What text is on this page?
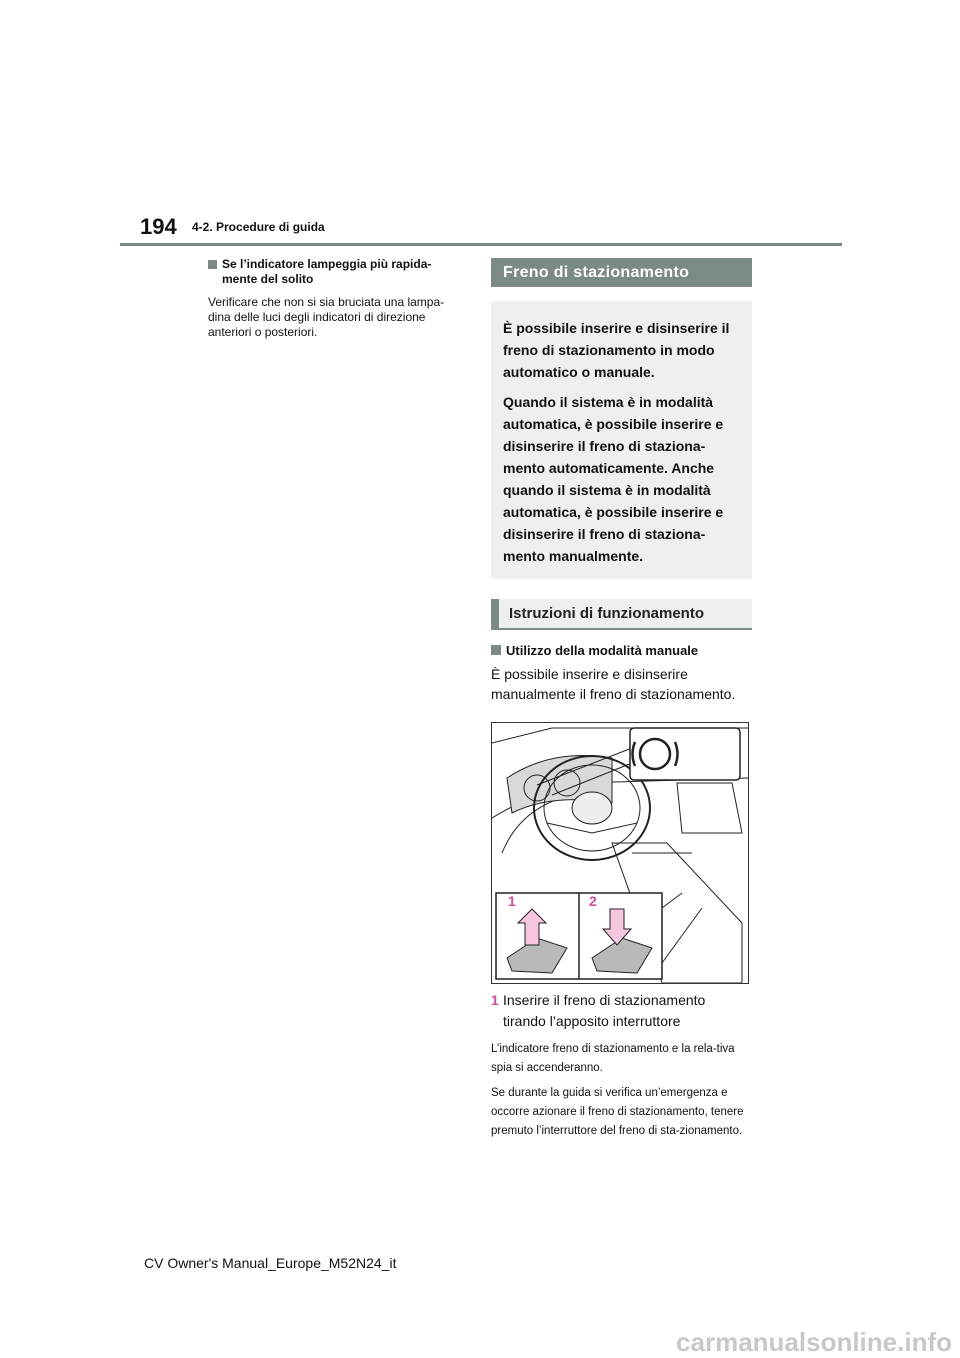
194 4-2. Procedure di guida
Se l’indicatore lampeggia più rapida-mente del solito
Verificare che non si sia bruciata una lampa-dina delle luci degli indicatori di direzione anteriori o posteriori.
Freno di stazionamento

È possibile inserire e disinserire il freno di stazionamento in modo automatico o manuale.

Quando il sistema è in modalità automatica, è possibile inserire e disinserire il freno di staziona-mento automaticamente. Anche quando il sistema è in modalità automatica, è possibile inserire e disinserire il freno di staziona-mento manualmente.

Istruzioni di funzionamento
Utilizzo della modalità manuale
È possibile inserire e disinserire manualmente il freno di stazionamento.
1	2
1 Inserire il freno di stazionamento tirando l’apposito interruttore

L’indicatore freno di stazionamento e la rela-tiva spia si accenderanno.

Se durante la guida si verifica un’emergenza e occorre azionare il freno di stazionamento, tenere premuto l’interruttore del freno di sta-zionamento.

CV Owner's Manual_Europe_M52N24_it
carmanualsonline.info
